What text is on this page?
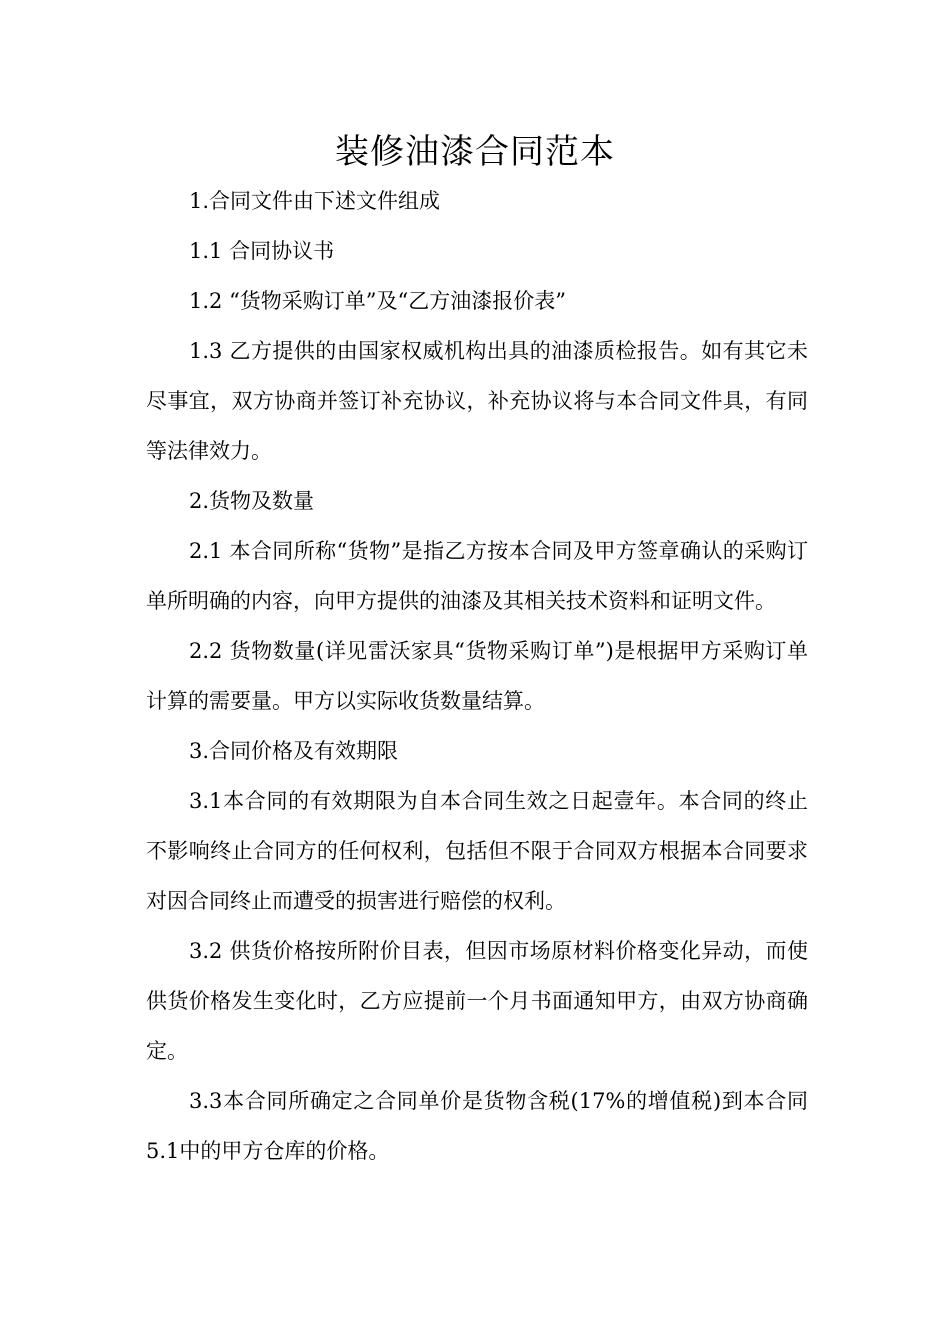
装修油漆合同范本

1.合同文件由下述文件组成

1.1 合同协议书

1.2 “货物采购订单”及“乙方油漆报价表”

1.3 乙方提供的由国家权威机构出具的油漆质检报告。如有其它未尽事宜，双方协商并签订补充协议，补充协议将与本合同文件具，有同等法律效力。

2.货物及数量

2.1 本合同所称“货物”是指乙方按本合同及甲方签章确认的采购订单所明确的内容，向甲方提供的油漆及其相关技术资料和证明文件。

2.2 货物数量(详见雷沃家具“货物采购订单”)是根据甲方采购订单计算的需要量。甲方以实际收货数量结算。

3.合同价格及有效期限

3.1本合同的有效期限为自本合同生效之日起壹年。本合同的终止不影响终止合同方的任何权利，包括但不限于合同双方根据本合同要求对因合同终止而遭受的损害进行赔偿的权利。

3.2 供货价格按所附价目表，但因市场原材料价格变化异动，而使供货价格发生变化时，乙方应提前一个月书面通知甲方，由双方协商确定。

3.3本合同所确定之合同单价是货物含税(17%的增值税)到本合同5.1中的甲方仓库的价格。
